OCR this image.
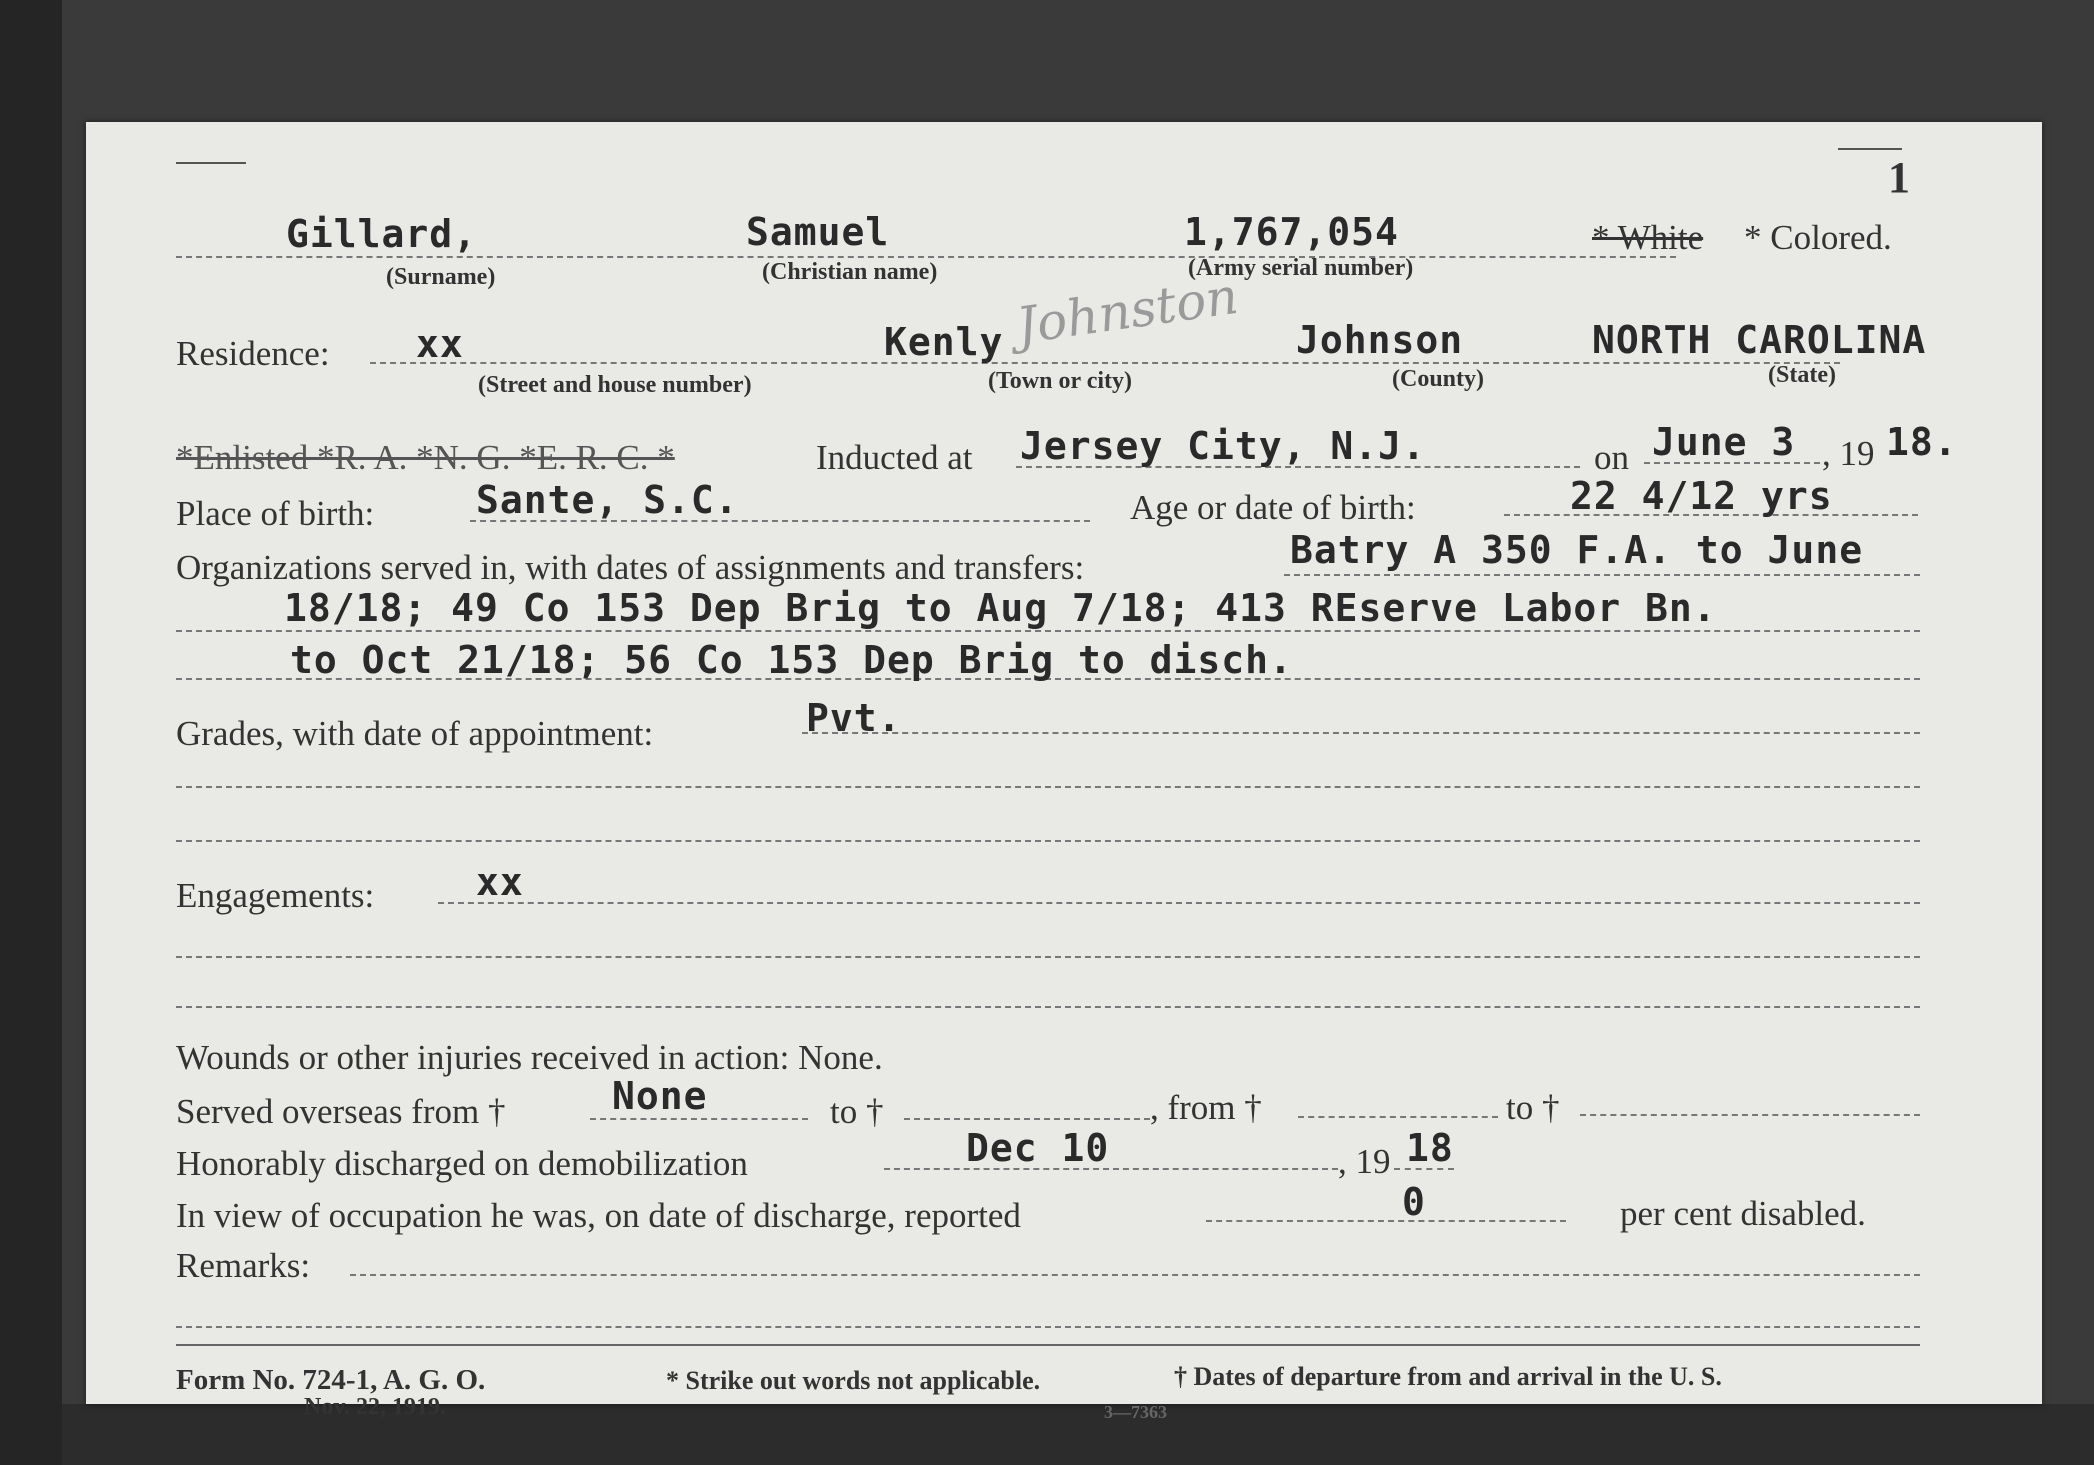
1
Gillard,	Samuel	1,767,054	* White * Colored.
(Surname)	(Christian name)	(Army serial number)
Residence: xx	Kenly Johnston Johnson	NORTH CAROLINA
(Street and house number)	(Town or city)	(County)	(State)
*Enlisted *R. A. *N. G. *E. R. C. *	Inducted at Jersey City, N.J.	on June 3 , 19 18.
Place of birth:	Sante, S.C.	Age or date of birth:	22 4/12 yrs
Organizations served in, with dates of assignments and transfers:	Batry A 350 F.A. to June
18/18; 49 Co 153 Dep Brig to Aug 7/18; 413 REserve Labor Bn.
to Oct 21/18; 56 Co 153 Dep Brig to disch.
Grades, with date of appointment:	Pvt.
Engagements:	xx
Wounds or other injuries received in action: None.
Served overseas from †	None	to †	, from †	to †
Honorably discharged on demobilization	Dec 10	, 19 18
In view of occupation he was, on date of discharge, reported	0	per cent disabled.
Remarks:
Form No. 724-1, A. G. O.
Nov. 22, 1919.
* Strike out words not applicable.	† Dates of departure from and arrival in the U. S.
3—7363
